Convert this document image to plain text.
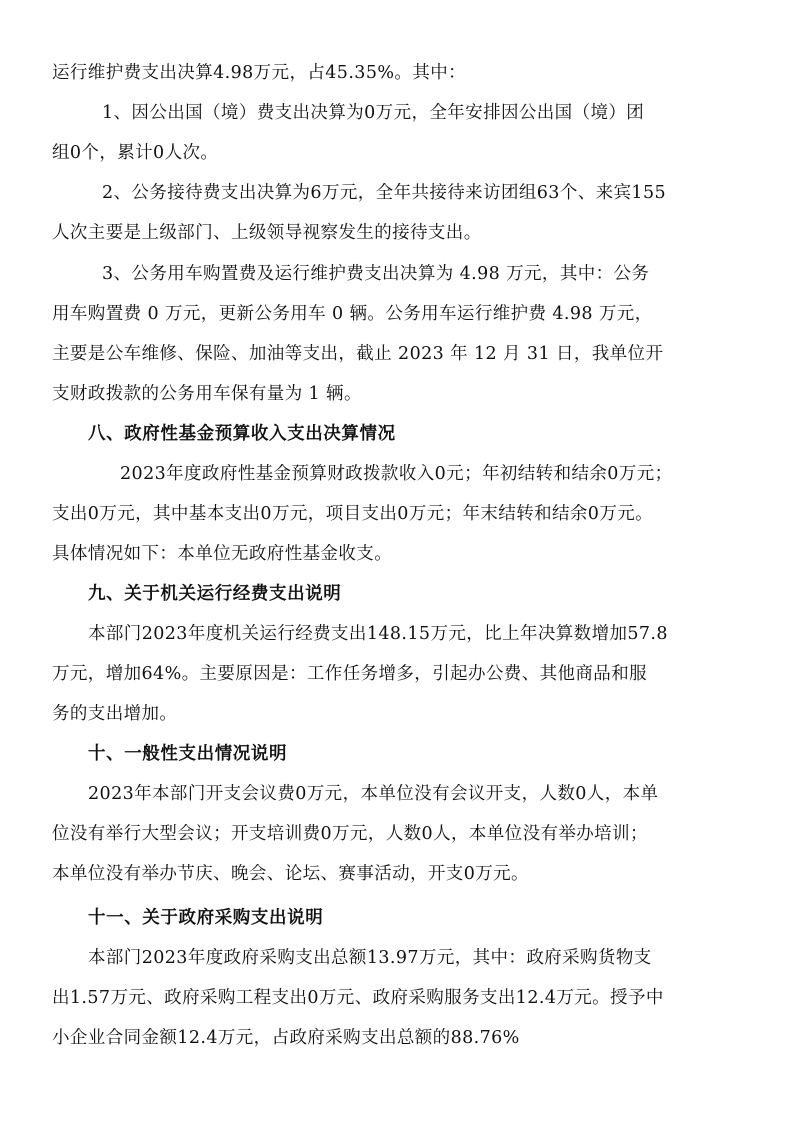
运行维护费支出决算4.98万元，占45.35%。其中：
1、因公出国（境）费支出决算为0万元，全年安排因公出国（境）团
组0个，累计0人次。
2、公务接待费支出决算为6万元，全年共接待来访团组63个、来宾155
人次主要是上级部门、上级领导视察发生的接待支出。
3、公务用车购置费及运行维护费支出决算为 4.98 万元，其中：公务
用车购置费 0 万元，更新公务用车 0 辆。公务用车运行维护费 4.98 万元，
主要是公车维修、保险、加油等支出，截止 2023 年 12 月 31 日，我单位开
支财政拨款的公务用车保有量为 1 辆。
八、政府性基金预算收入支出决算情况
2023年度政府性基金预算财政拨款收入0元；年初结转和结余0万元；
支出0万元，其中基本支出0万元，项目支出0万元；年末结转和结余0万元。
具体情况如下：本单位无政府性基金收支。
九、关于机关运行经费支出说明
本部门2023年度机关运行经费支出148.15万元，比上年决算数增加57.8
万元，增加64%。主要原因是：工作任务增多，引起办公费、其他商品和服
务的支出增加。
十、一般性支出情况说明
2023年本部门开支会议费0万元，本单位没有会议开支，人数0人，本单
位没有举行大型会议；开支培训费0万元，人数0人，本单位没有举办培训；
本单位没有举办节庆、晚会、论坛、赛事活动，开支0万元。
十一、关于政府采购支出说明
本部门2023年度政府采购支出总额13.97万元，其中：政府采购货物支
出1.57万元、政府采购工程支出0万元、政府采购服务支出12.4万元。授予中
小企业合同金额12.4万元，占政府采购支出总额的88.76%
